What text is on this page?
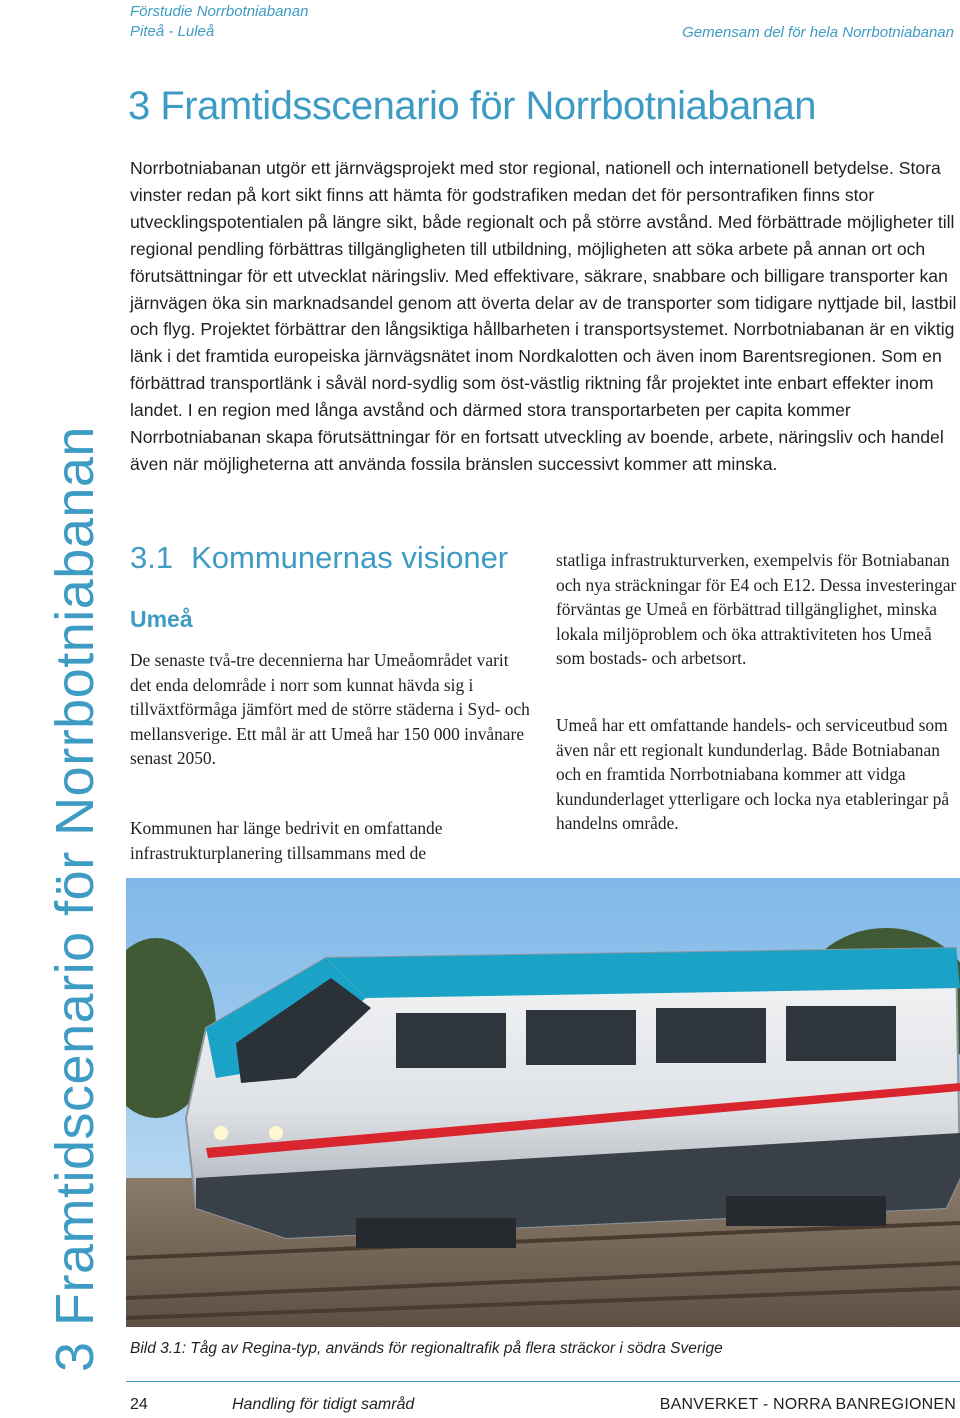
Förstudie Norrbotniabanan
Piteå - Luleå	Gemensam del för hela Norrbotniabanan
3 Framtidscenario för Norrbotniabanan
3 Framtidsscenario för Norrbotniabanan

Norrbotniabanan utgör ett järnvägsprojekt med stor regional, nationell och internationell betydelse. Stora vinster redan på kort sikt finns att hämta för godstrafiken medan det för persontrafiken finns stor utvecklingspotentialen på längre sikt, både regionalt och på större avstånd. Med förbättrade möjligheter till regional pendling förbättras tillgängligheten till utbildning, möjligheten att söka arbete på annan ort och förutsättningar för ett utvecklat näringsliv. Med effektivare, säkrare, snabbare och billigare transporter kan järnvägen öka sin marknadsandel genom att överta delar av de transporter som tidigare nyttjade bil, lastbil och flyg. Projektet förbättrar den långsiktiga hållbarheten i transportsystemet. Norrbotniabanan är en viktig länk i det framtida europeiska järnvägsnätet inom Nordkalotten och även inom Barentsregionen. Som en förbättrad transportlänk i såväl nord-sydlig som öst-västlig riktning får projektet inte enbart effekter inom landet. I en region med långa avstånd och därmed stora transportarbeten per capita kommer Norrbotniabanan skapa förutsättningar för en fortsatt utveckling av boende, arbete, näringsliv och handel även när möjligheterna att använda fossila bränslen successivt kommer att minska.

3.1 Kommunernas visioner
Umeå

De senaste två-tre decennierna har Umeåområdet varit det enda delområde i norr som kunnat hävda sig i tillväxtförmåga jämfört med de större städerna i Syd- och mellansverige. Ett mål är att Umeå har 150 000 invånare senast 2050.

Kommunen har länge bedrivit en omfattande infrastrukturplanering tillsammans med de

statliga infrastrukturverken, exempelvis för Botniabanan och nya sträckningar för E4 och E12. Dessa investeringar förväntas ge Umeå en förbättrad tillgänglighet, minska lokala miljöproblem och öka attraktiviteten hos Umeå som bostads- och arbetsort.

Umeå har ett omfattande handels- och serviceutbud som även når ett regionalt kundunderlag. Både Botniabanan och en framtida Norrbotniabana kommer att vidga kundunderlaget ytterligare och locka nya etableringar på handelns område.

Bild 3.1: Tåg av Regina-typ, används för regionaltrafik på flera sträckor i södra Sverige
24	Handling för tidigt samråd	BANVERKET - NORRA BANREGIONEN
